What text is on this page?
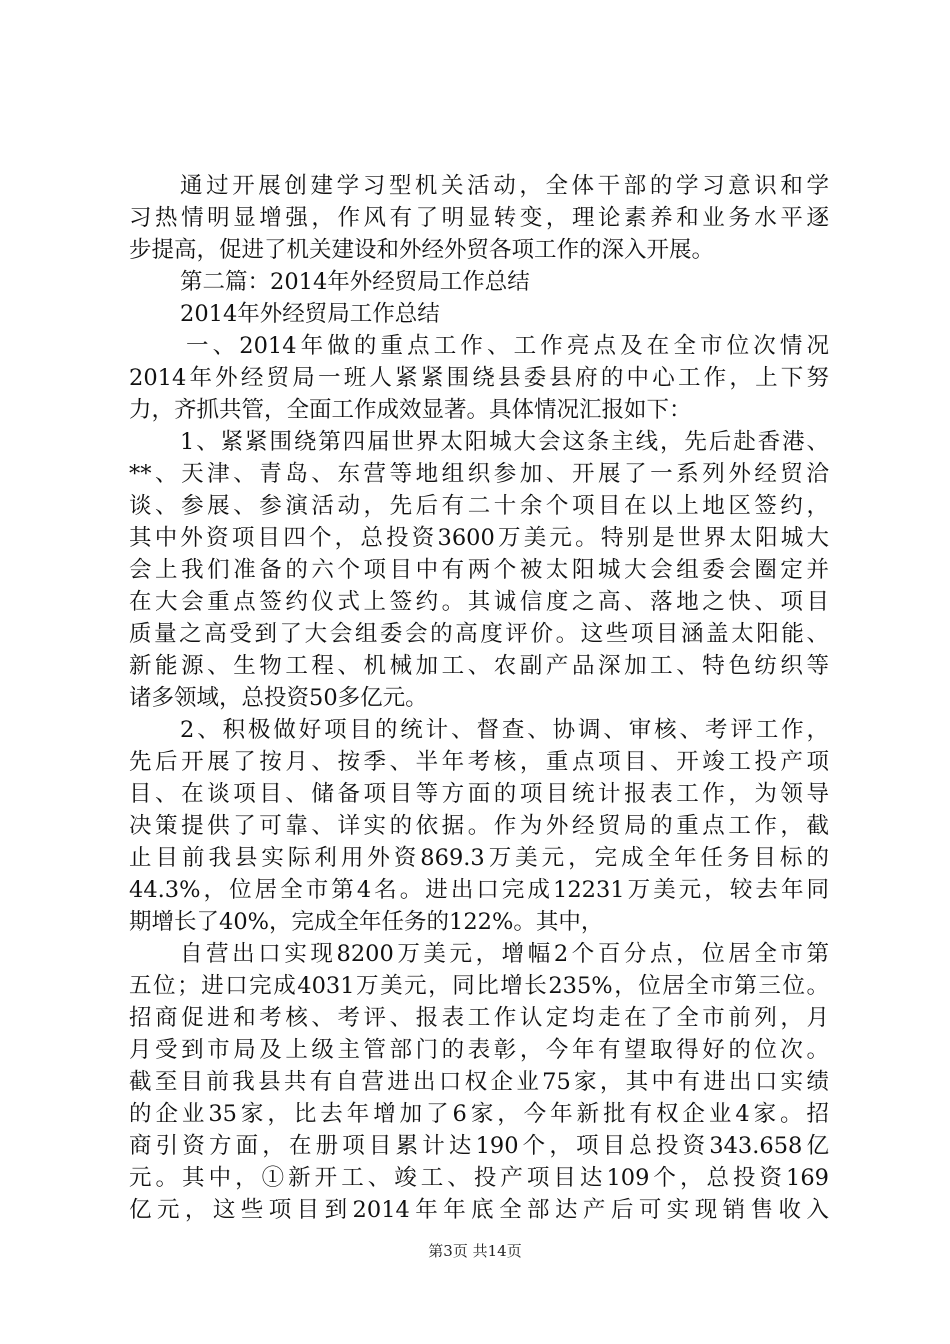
通过开展创建学习型机关活动，全体干部的学习意识和学
习热情明显增强，作风有了明显转变，理论素养和业务水平逐
步提高，促进了机关建设和外经外贸各项工作的深入开展。
第二篇：2014年外经贸局工作总结
2014年外经贸局工作总结
一、2014年做的重点工作、工作亮点及在全市位次情况
2014年外经贸局一班人紧紧围绕县委县府的中心工作，上下努
力，齐抓共管，全面工作成效显著。具体情况汇报如下：
1、紧紧围绕第四届世界太阳城大会这条主线，先后赴香港、
**、天津、青岛、东营等地组织参加、开展了一系列外经贸洽
谈、参展、参演活动，先后有二十余个项目在以上地区签约，
其中外资项目四个，总投资3600万美元。特别是世界太阳城大
会上我们准备的六个项目中有两个被太阳城大会组委会圈定并
在大会重点签约仪式上签约。其诚信度之高、落地之快、项目
质量之高受到了大会组委会的高度评价。这些项目涵盖太阳能、
新能源、生物工程、机械加工、农副产品深加工、特色纺织等
诸多领域，总投资50多亿元。
2、积极做好项目的统计、督查、协调、审核、考评工作，
先后开展了按月、按季、半年考核，重点项目、开竣工投产项
目、在谈项目、储备项目等方面的项目统计报表工作，为领导
决策提供了可靠、详实的依据。作为外经贸局的重点工作，截
止目前我县实际利用外资869.3万美元，完成全年任务目标的
44.3%，位居全市第4名。进出口完成12231万美元，较去年同
期增长了40%，完成全年任务的122%。其中，
自营出口实现8200万美元，增幅2个百分点，位居全市第
五位；进口完成4031万美元，同比增长235%，位居全市第三位。
招商促进和考核、考评、报表工作认定均走在了全市前列，月
月受到市局及上级主管部门的表彰，今年有望取得好的位次。
截至目前我县共有自营进出口权企业75家，其中有进出口实绩
的企业35家，比去年增加了6家，今年新批有权企业4家。招
商引资方面，在册项目累计达190个，项目总投资343.658亿
元。其中，①新开工、竣工、投产项目达109个，总投资169
亿元，这些项目到2014年年底全部达产后可实现销售收入
第3页 共14页
